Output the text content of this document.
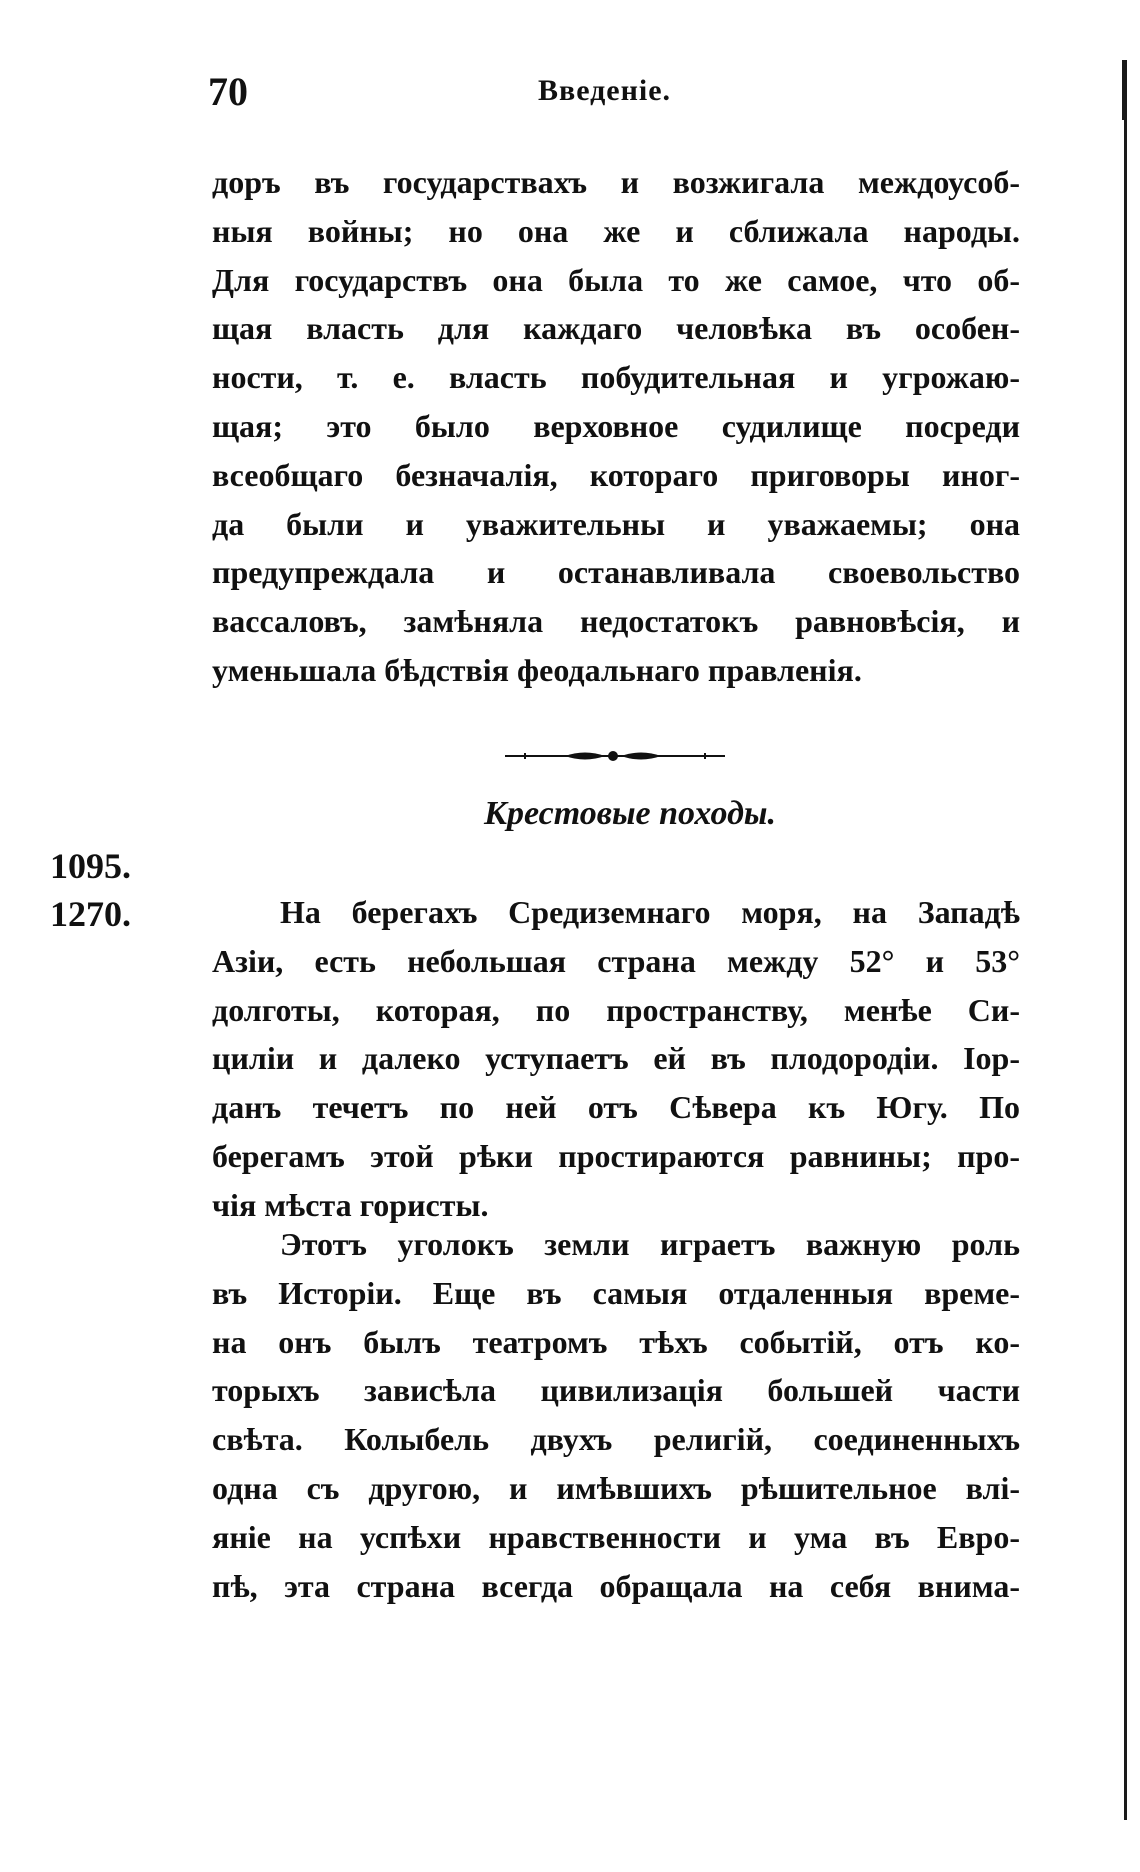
70	Введеніе.
доръ въ государствахъ и возжигала междоусоб-
ныя войны; но она же и сближала народы.
Для государствъ она была то же самое, что об-
щая власть для каждаго человѣка въ особен-
ности, т. е. власть побудительная и угрожаю-
щая; это было верховное судилище посреди
всеобщаго безначалія, котораго приговоры иног-
да были и уважительны и уважаемы; она
предупреждала и останавливала своевольство
вассаловъ, замѣняла недостатокъ равновѣсія, и
уменьшала бѣдствія феодальнаго правленія.
Крестовые походы.
1095.
1270.	На берегахъ Средиземнаго моря, на Западѣ
Азіи, есть небольшая страна между 52° и 53°
долготы, которая, по пространству, менѣе Си-
циліи и далеко уступаетъ ей въ плодородіи. Іор-
данъ течетъ по ней отъ Сѣвера къ Югу. По
берегамъ этой рѣки простираются равнины; про-
чія мѣста гористы.
Этотъ уголокъ земли играетъ важную роль
въ Исторіи. Еще въ самыя отдаленныя време-
на онъ былъ театромъ тѣхъ событій, отъ ко-
торыхъ зависѣла цивилизація большей части
свѣта. Колыбель двухъ религій, соединенныхъ
одна съ другою, и имѣвшихъ рѣшительное влі-
яніе на успѣхи нравственности и ума въ Евро-
пѣ, эта страна всегда обращала на себя внима-
